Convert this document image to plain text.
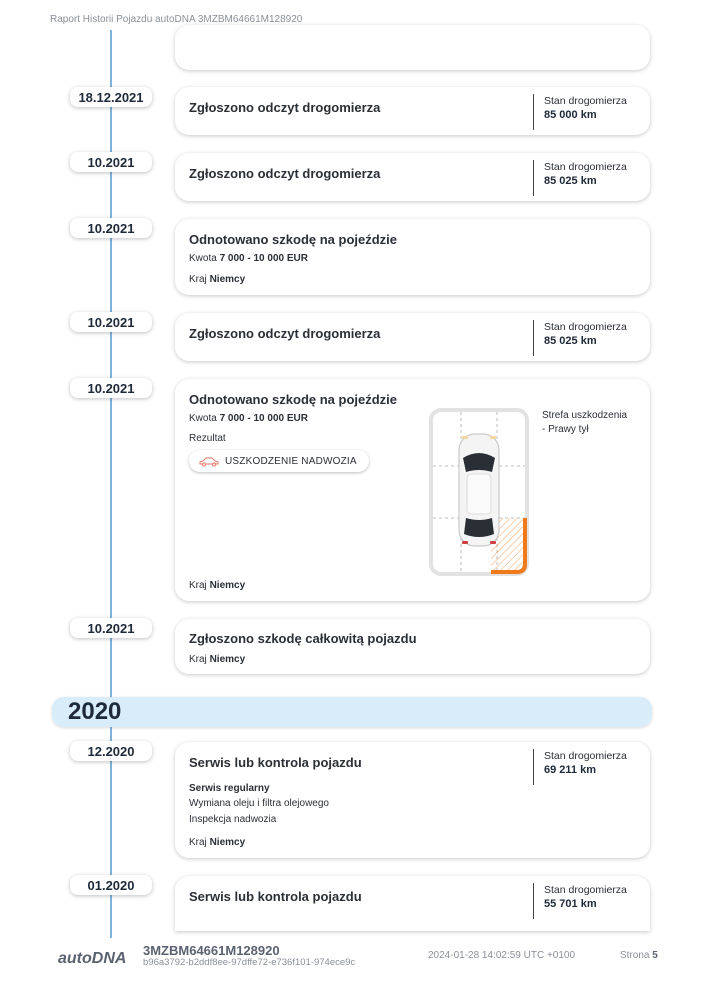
Raport Historii Pojazdu autoDNA 3MZBM64661M128920
18.12.2021
Zgłoszono odczyt drogomierza	Stan drogomierza
85 000 km
10.2021
Zgłoszono odczyt drogomierza	Stan drogomierza
85 025 km
10.2021
Odnotowano szkodę na pojeździe
Kwota 7 000 - 10 000 EUR
Kraj Niemcy
10.2021
Zgłoszono odczyt drogomierza	Stan drogomierza
85 025 km
10.2021
Odnotowano szkodę na pojeździe
Kwota 7 000 - 10 000 EUR
Rezultat
USZKODZENIE NADWOZIA
Strefa uszkodzenia
- Prawy tył
Kraj Niemcy
10.2021
Zgłoszono szkodę całkowitą pojazdu
Kraj Niemcy
2020
12.2020
Serwis lub kontrola pojazdu	Stan drogomierza
69 211 km
Serwis regularny
Wymiana oleju i filtra olejowego
Inspekcja nadwozia
Kraj Niemcy
01.2020
Serwis lub kontrola pojazdu	Stan drogomierza
55 701 km
autoDNA 3MZBM64661M128920
b96a3792-b2ddf8ee-97dffe72-e736f101-974ece9c
2024-01-28 14:02:59 UTC +0100	Strona 5
